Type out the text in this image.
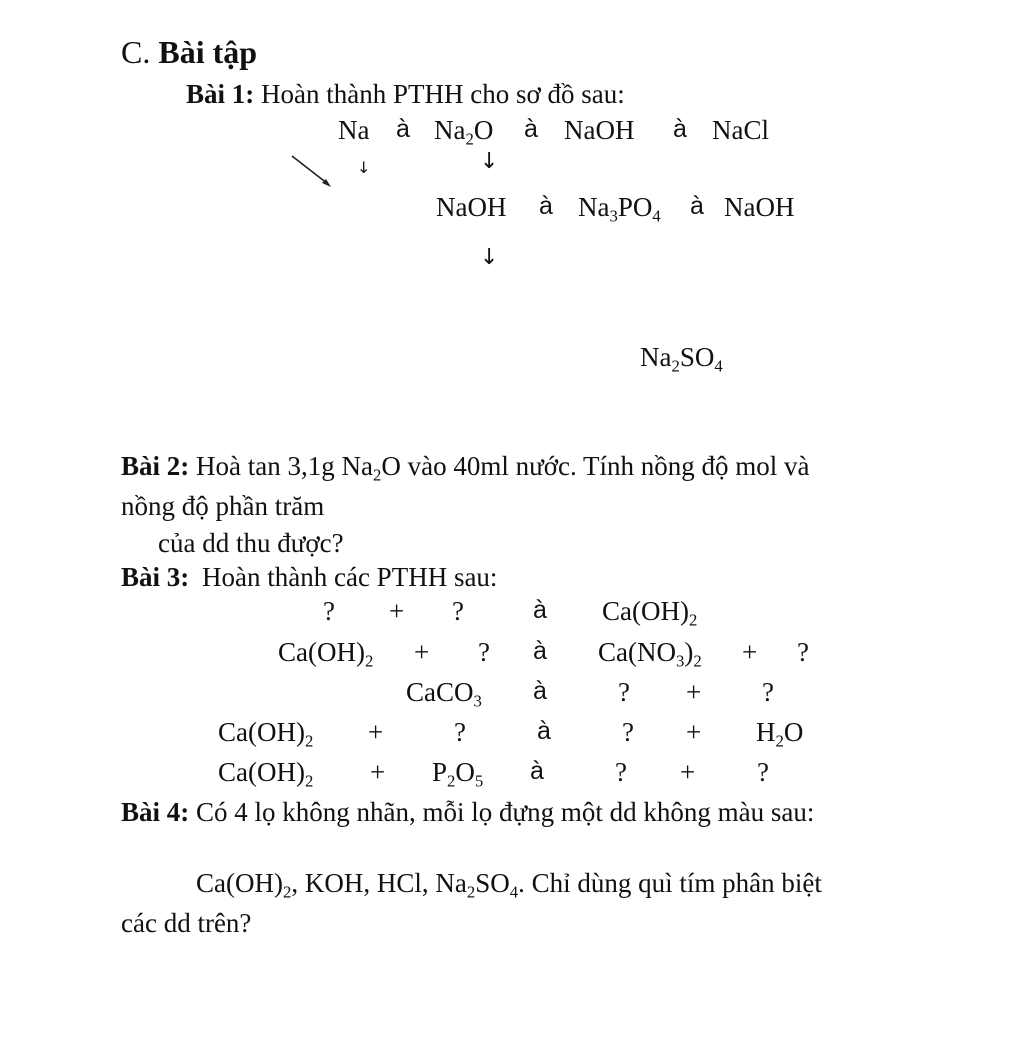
C. Bài tập
Bài 1: Hoàn thành PTHH cho sơ đồ sau:
Na à $Na_2O$ à NaOH à NaCl
↓	↓
NaOH à $Na_3PO_4$ à NaOH
↓
$Na_2SO_4$
Bài 2: Hoà tan 3,1g $Na_2O$ vào 40ml nước. Tính nồng độ mol và
nồng độ phần trăm
của dd thu được?
Bài 3: Hoàn thành các PTHH sau:
? + ?	à $Ca(OH)_2$
$Ca(OH)_2$ + ? à $Ca(NO_3)_2$ + ?
CaCO$_3$ à	? + ?
$Ca(OH)_2$ +	?	à	? + $H_2O$
$Ca(OH)_2 + P_2O_5$ à	? + ?
Bài 4: Có 4 lọ không nhãn, mỗi lọ đựng một dd không màu sau:
$Ca(OH)_2$, KOH, HCl, $Na_2SO_4$. Chỉ dùng quì tím phân biệt
các dd trên?
